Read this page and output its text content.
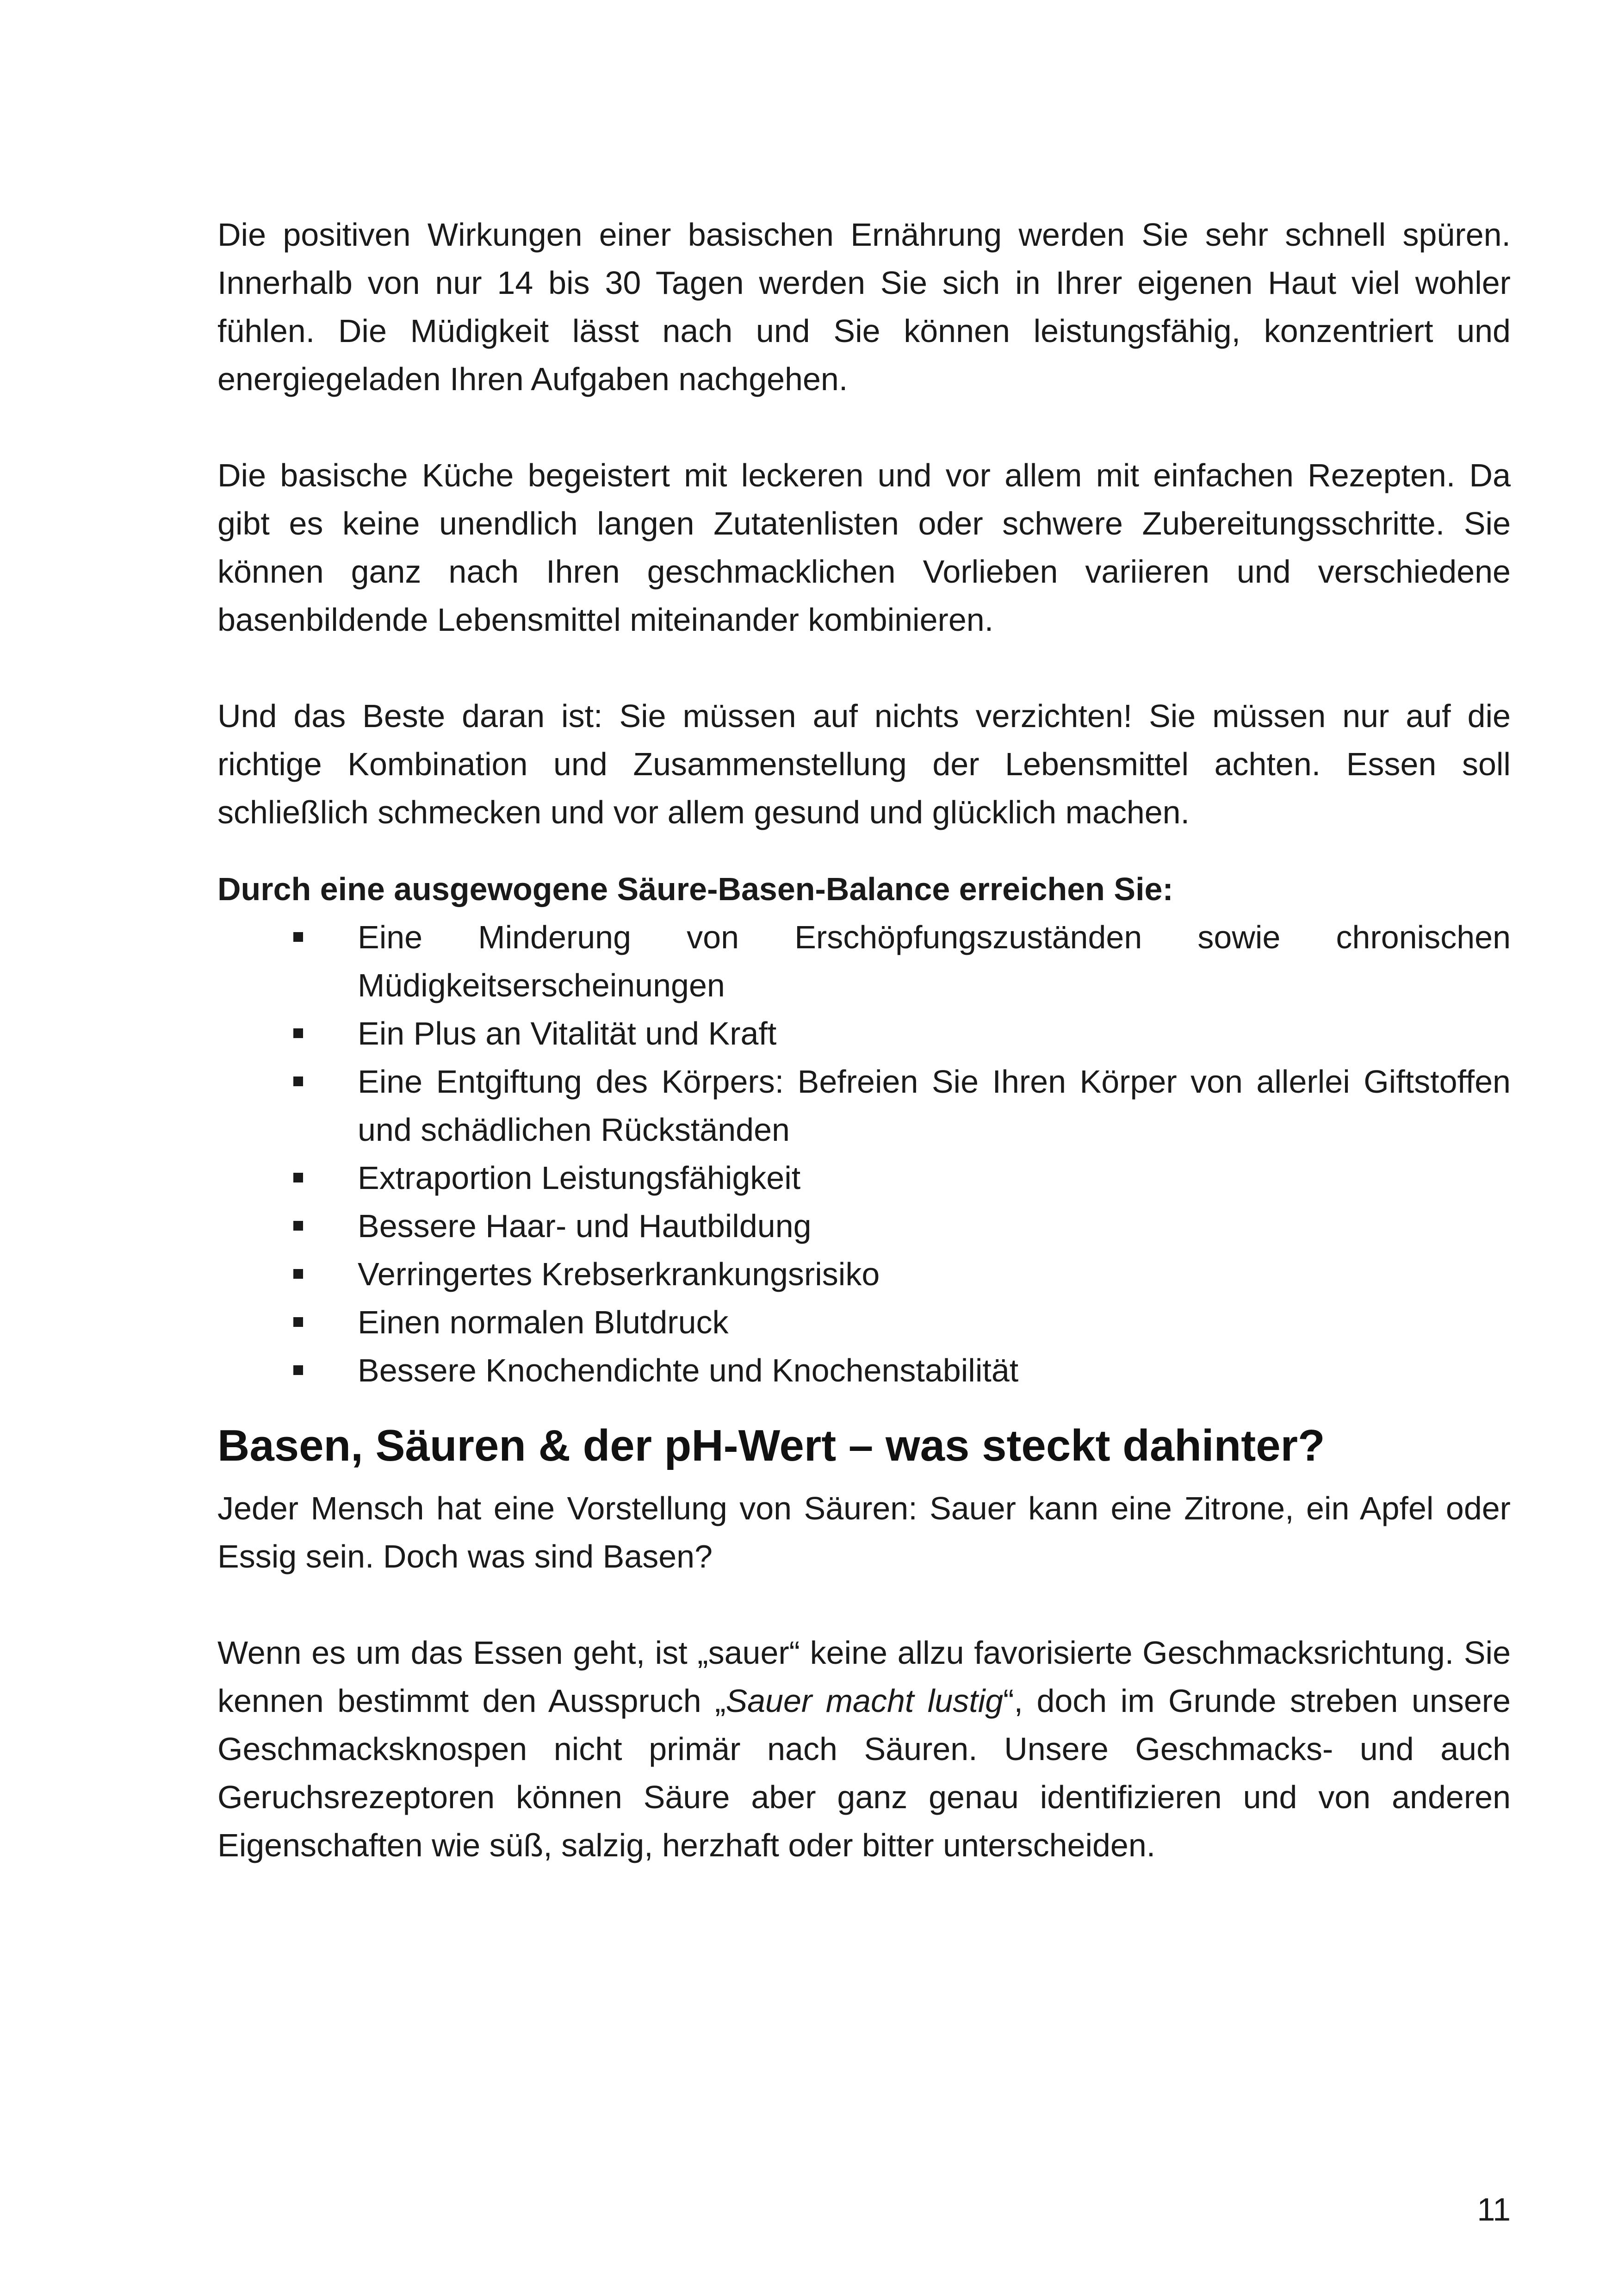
Die positiven Wirkungen einer basischen Ernährung werden Sie sehr schnell spüren. Innerhalb von nur 14 bis 30 Tagen werden Sie sich in Ihrer eigenen Haut viel wohler fühlen. Die Müdigkeit lässt nach und Sie können leistungsfähig, konzentriert und energiegeladen Ihren Aufgaben nachgehen.

Die basische Küche begeistert mit leckeren und vor allem mit einfachen Rezepten. Da gibt es keine unendlich langen Zutatenlisten oder schwere Zubereitungsschritte. Sie können ganz nach Ihren geschmacklichen Vorlieben variieren und verschiedene basenbildende Lebensmittel miteinander kombinieren.

Und das Beste daran ist: Sie müssen auf nichts verzichten! Sie müssen nur auf die richtige Kombination und Zusammenstellung der Lebensmittel achten. Essen soll schließlich schmecken und vor allem gesund und glücklich machen.

Durch eine ausgewogene Säure-Basen-Balance erreichen Sie:

Eine Minderung von Erschöpfungszuständen sowie chronischen Müdigkeitserscheinungen
Ein Plus an Vitalität und Kraft
Eine Entgiftung des Körpers: Befreien Sie Ihren Körper von allerlei Giftstoffen und schädlichen Rückständen
Extraportion Leistungsfähigkeit
Bessere Haar- und Hautbildung
Verringertes Krebserkrankungsrisiko
Einen normalen Blutdruck
Bessere Knochendichte und Knochenstabilität
Basen, Säuren & der pH-Wert – was steckt dahinter?

Jeder Mensch hat eine Vorstellung von Säuren: Sauer kann eine Zitrone, ein Apfel oder Essig sein. Doch was sind Basen?

Wenn es um das Essen geht, ist „sauer“ keine allzu favorisierte Geschmacksrichtung. Sie kennen bestimmt den Ausspruch „Sauer macht lustig“, doch im Grunde streben unsere Geschmacksknospen nicht primär nach Säuren. Unsere Geschmacks- und auch Geruchsrezeptoren können Säure aber ganz genau identifizieren und von anderen Eigenschaften wie süß, salzig, herzhaft oder bitter unterscheiden.

11
